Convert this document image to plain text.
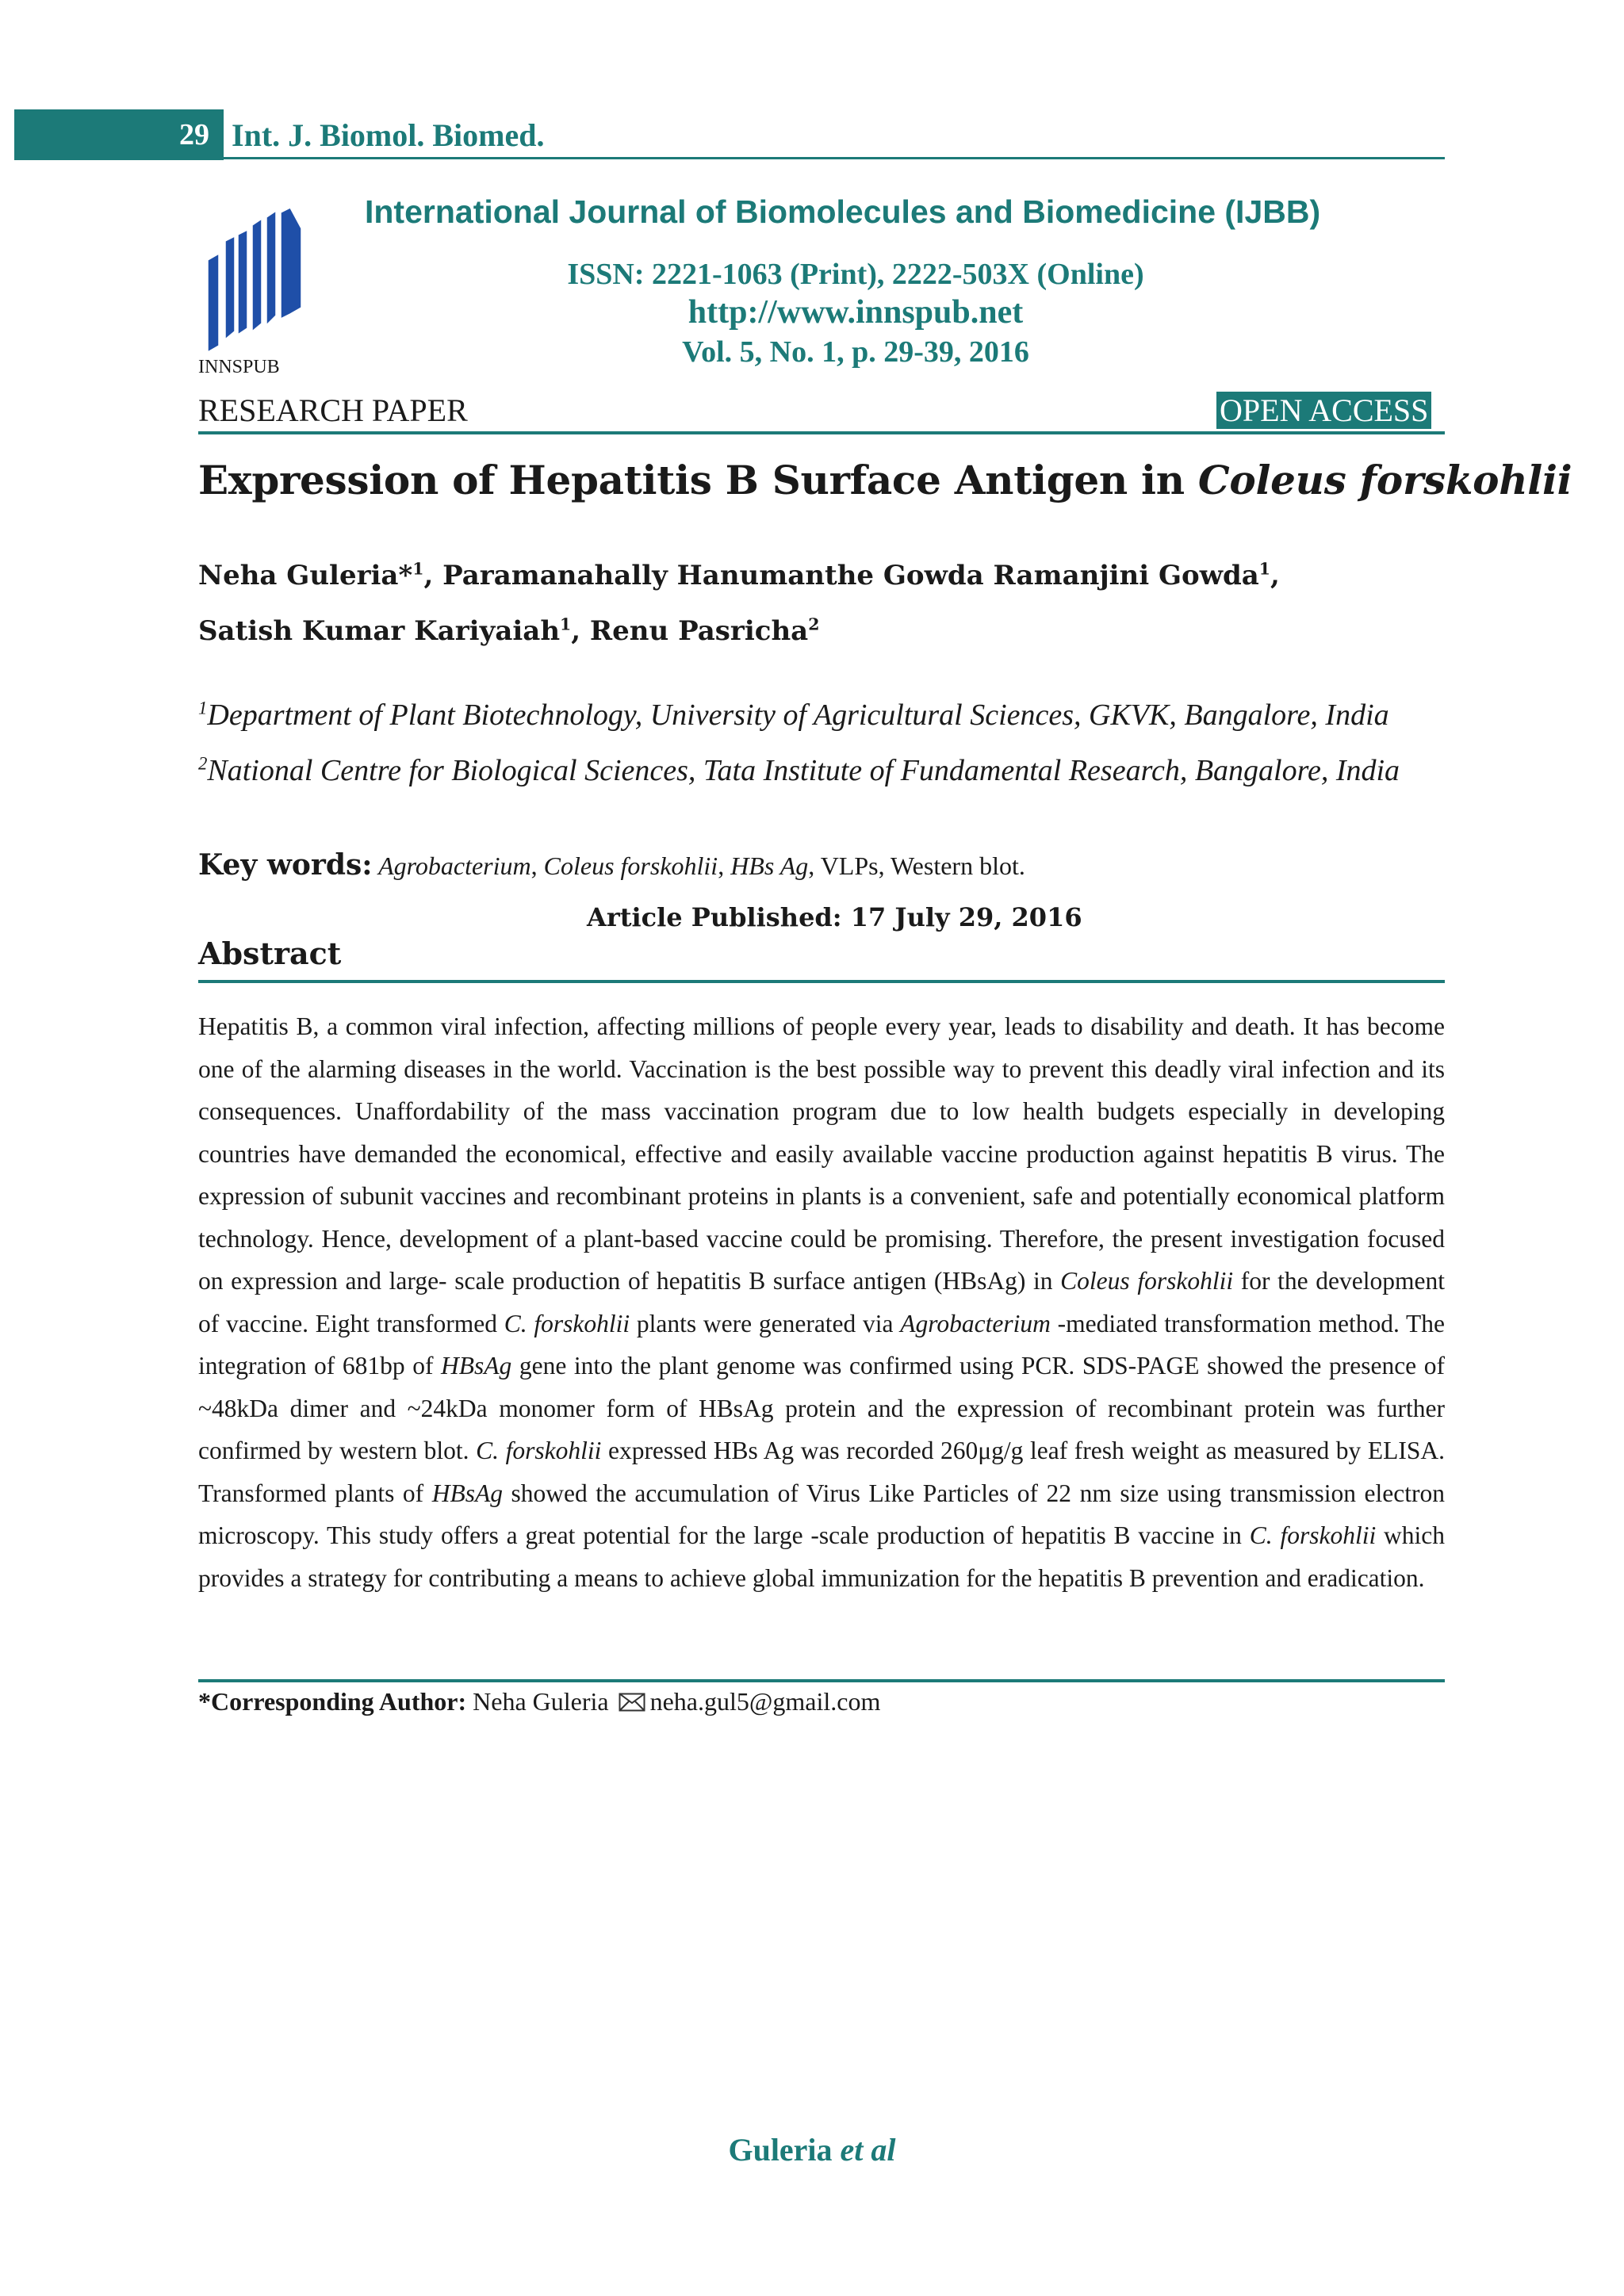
29 Int. J. Biomol. Biomed.
INNSPUB
International Journal of Biomolecules and Biomedicine (IJBB)
ISSN: 2221-1063 (Print), 2222-503X (Online)
http://www.innspub.net
Vol. 5, No. 1, p. 29-39, 2016
RESEARCH PAPER	OPEN ACCESS
Expression of Hepatitis B Surface Antigen in Coleus forskohlii
Neha Guleria*$^1$, Paramanahally Hanumanthe Gowda Ramanjini Gowda$^1$,
Satish Kumar Kariyaiah$^1$, Renu Pasricha$^2$
$^1$Department of Plant Biotechnology, University of Agricultural Sciences, GKVK, Bangalore, India
$^2$National Centre for Biological Sciences, Tata Institute of Fundamental Research, Bangalore, India
Key words: Agrobacterium, Coleus forskohlii, HBs Ag, VLPs, Western blot.
Article Published: 17 July 29, 2016
Abstract
Hepatitis B, a common viral infection, affecting millions of people every year, leads to disability and death. It has become one of the alarming diseases in the world. Vaccination is the best possible way to prevent this deadly viral infection and its consequences. Unaffordability of the mass vaccination program due to low health budgets especially in developing countries have demanded the economical, effective and easily available vaccine production against hepatitis B virus. The expression of subunit vaccines and recombinant proteins in plants is a convenient, safe and potentially economical platform technology. Hence, development of a plant-based vaccine could be promising. Therefore, the present investigation focused on expression and large- scale production of hepatitis B surface antigen (HBsAg) in Coleus forskohlii for the development of vaccine. Eight transformed C. forskohlii plants were generated via Agrobacterium -mediated transformation method. The integration of 681bp of HBsAg gene into the plant genome was confirmed using PCR. SDS-PAGE showed the presence of ~48kDa dimer and ~24kDa monomer form of HBsAg protein and the expression of recombinant protein was further confirmed by western blot. C. forskohlii expressed HBs Ag was recorded 260μg/g leaf fresh weight as measured by ELISA. Transformed plants of HBsAg showed the accumulation of Virus Like Particles of 22 nm size using transmission electron microscopy. This study offers a great potential for the large -scale production of hepatitis B vaccine in C. forskohlii which provides a strategy for contributing a means to achieve global immunization for the hepatitis B prevention and eradication.
*Corresponding Author: Neha Guleria neha.gul5@gmail.com
Guleria et al
